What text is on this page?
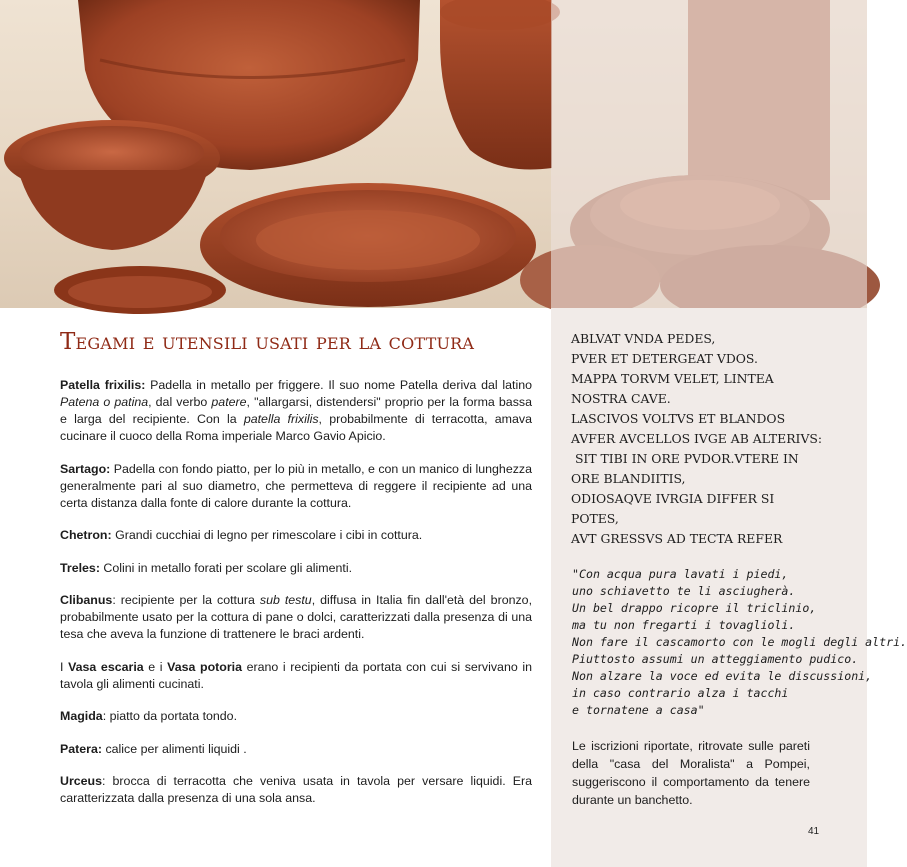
Tegami e utensili usati per la cottura

Patella frixilis: Padella in metallo per friggere. Il suo nome Patella deriva dal latino Patena o patina, dal verbo patere, "allargarsi, distendersi" proprio per la forma bassa e larga del recipiente. Con la patella frixilis, probabilmente di terracotta, amava cucinare il cuoco della Roma imperiale Marco Gavio Apicio.

Sartago: Padella con fondo piatto, per lo più in metallo, e con un manico di lunghezza generalmente pari al suo diametro, che permetteva di reggere il recipiente ad una certa distanza dalla fonte di calore durante la cottura.

Chetron: Grandi cucchiai di legno per rimescolare i cibi in cottura.

Treles: Colini in metallo forati per scolare gli alimenti.

Clibanus: recipiente per la cottura sub testu, diffusa in Italia fin dall'età del bronzo, probabilmente usato per la cottura di pane o dolci, caratterizzati dalla presenza di una tesa che aveva la funzione di trattenere le braci ardenti.

I Vasa escaria e i Vasa potoria erano i recipienti da portata con cui si servivano in tavola gli alimenti cucinati.

Magida: piatto da portata tondo.

Patera: calice per alimenti liquidi .

Urceus: brocca di terracotta che veniva usata in tavola per versare liquidi. Era caratterizzata dalla presenza di una sola ansa.

ABLVAT VNDA PEDES,
PVER ET DETERGEAT VDOS.
MAPPA TORVM VELET, LINTEA
NOSTRA CAVE.
LASCIVOS VOLTVS ET BLANDOS
AVFER AVCELLOS IVGE AB ALTERIVS:
SIT TIBI IN ORE PVDOR.VTERE IN
ORE BLANDIITIS,
ODIOSAQVE IVRGIA DIFFER SI
POTES,
AVT GRESSVS AD TECTA REFER
"Con acqua pura lavati i piedi,
uno schiavetto te li asciugherà.
Un bel drappo ricopre il triclinio,
ma tu non fregarti i tovaglioli.
Non fare il cascamorto con le mogli degli altri.
Piuttosto assumi un atteggiamento pudico.
Non alzare la voce ed evita le discussioni,
in caso contrario alza i tacchi
e tornatene a casa"

Le iscrizioni riportate, ritrovate sulle pareti della "casa del Moralista" a Pompei, suggeriscono il comportamento da tenere durante un banchetto.

41
